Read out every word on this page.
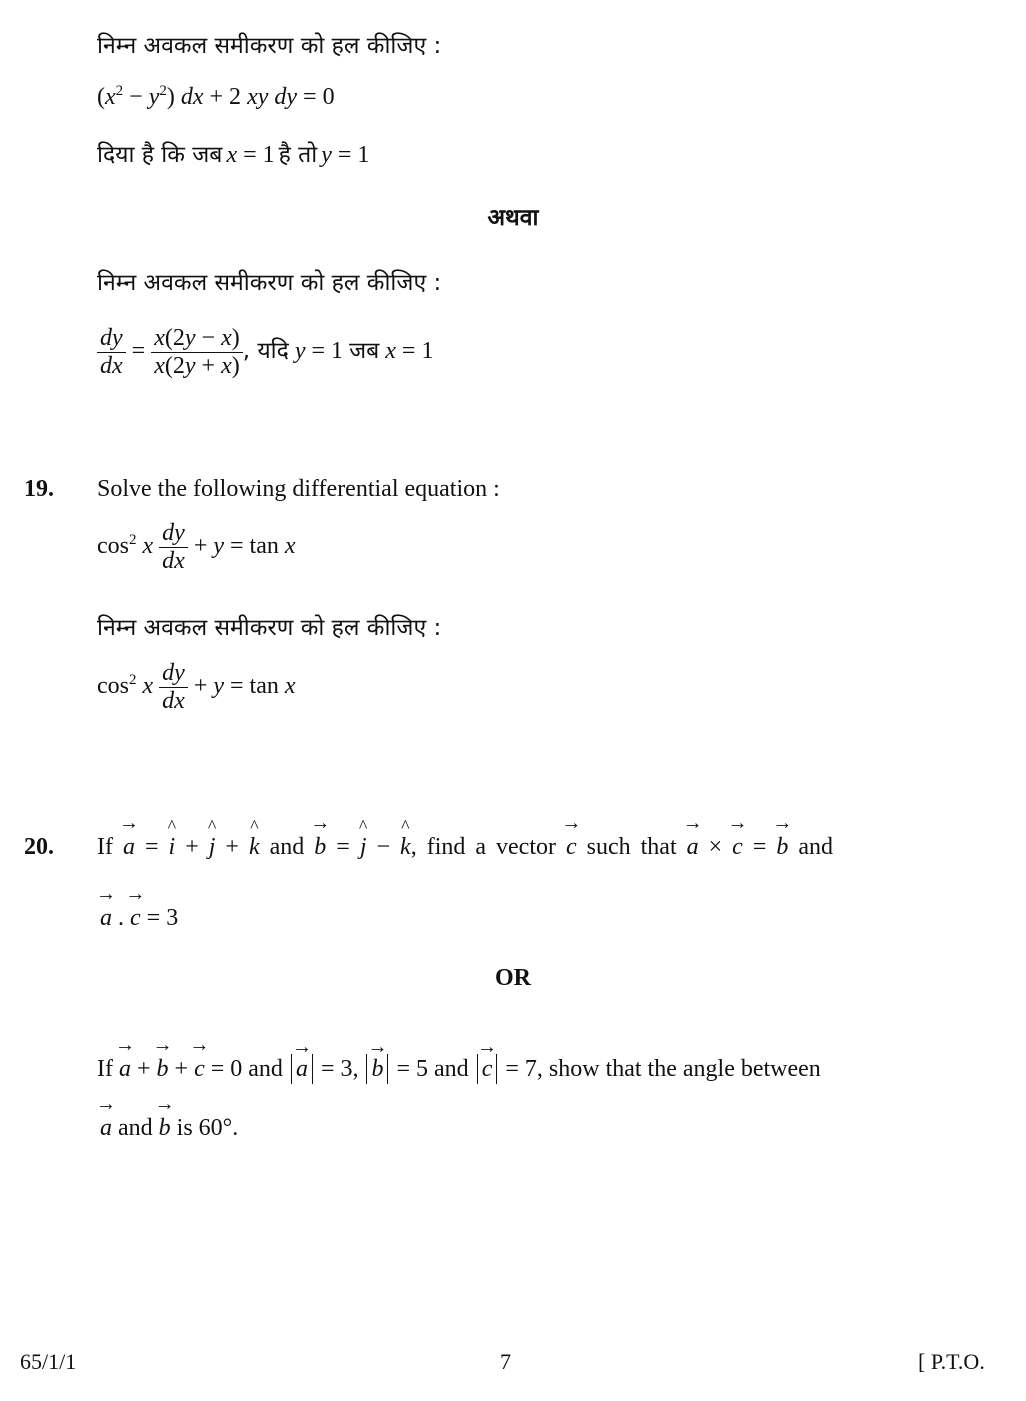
निम्न अवकल समीकरण को हल कीजिए :
$(x^2 - y^2)$ dx + 2 xy dy = 0
दिया है कि जब x = 1 है तो y = 1
अथवा
निम्न अवकल समीकरण को हल कीजिए :
$\frac{dy}{dx} = \frac{x(2y - x)}{x(2y + x)}$ , यदि y = 1 जब x = 1
19. Solve the following differential equation :
$\cos^2 x \frac{dy}{dx} + y = \tan x$
निम्न अवकल समीकरण को हल कीजिए :
$\cos^2 x \frac{dy}{dx} + y = \tan x$
20. If → a = ^ i + ^ j + ^ k and → b = ^ j − ^ k, find a vector → c such that → a × → c = → b and
→ a . → c = 3
OR
If → a + → b + → c = 0 and → a = 3, → b = 5 and → c = 7, show that the angle between
→ a and → b is 60°.
65/1/1	7	[ P.T.O.
